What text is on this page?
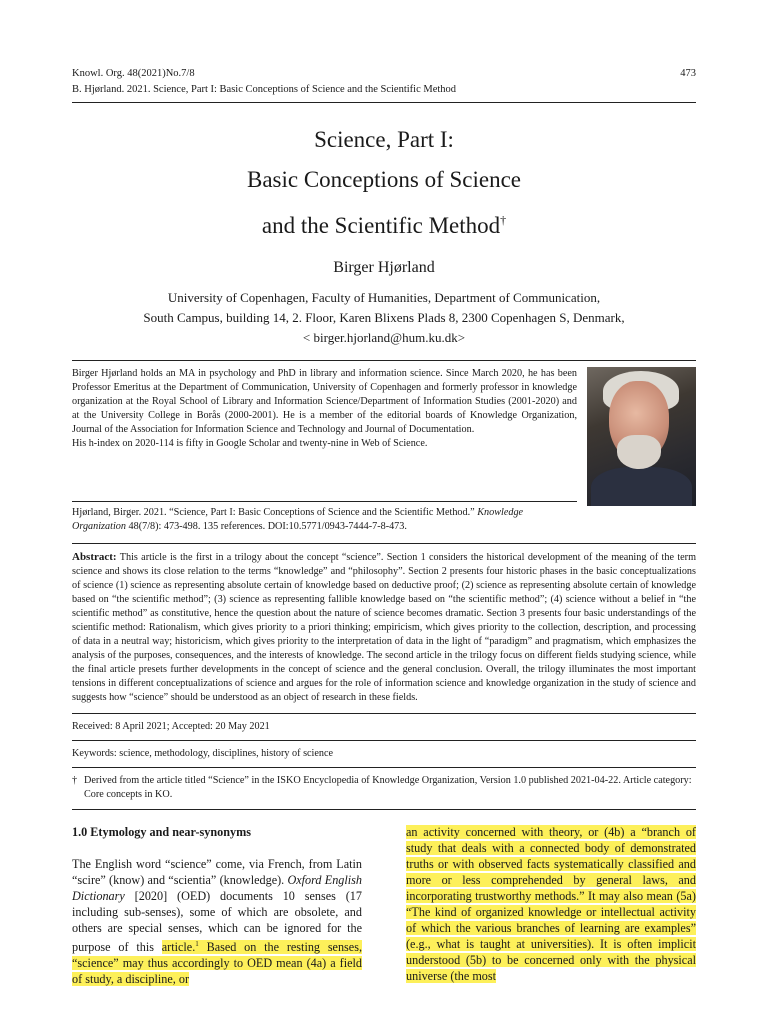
Knowl. Org. 48(2021)No.7/8
B. Hjørland. 2021. Science, Part I: Basic Conceptions of Science and the Scientific Method
473
Science, Part I:
Basic Conceptions of Science
and the Scientific Method†
Birger Hjørland
University of Copenhagen, Faculty of Humanities, Department of Communication,
South Campus, building 14, 2. Floor, Karen Blixens Plads 8, 2300 Copenhagen S, Denmark,
< birger.hjorland@hum.ku.dk>
Birger Hjørland holds an MA in psychology and PhD in library and information science. Since March 2020, he has been Professor Emeritus at the Department of Communication, University of Copenhagen and formerly professor in knowledge organization at the Royal School of Library and Information Science/Department of Information Studies (2001-2020) and at the University College in Borås (2000-2001). He is a member of the editorial boards of Knowledge Organization, Journal of the Association for Information Science and Technology and Journal of Documentation.
His h-index on 2020-114 is fifty in Google Scholar and twenty-nine in Web of Science.
Hjørland, Birger. 2021. “Science, Part I: Basic Conceptions of Science and the Scientific Method.” Knowledge Organization 48(7/8): 473-498. 135 references. DOI:10.5771/0943-7444-7-8-473.
Abstract: This article is the first in a trilogy about the concept “science”. Section 1 considers the historical development of the meaning of the term science and shows its close relation to the terms “knowledge” and “philosophy”. Section 2 presents four historic phases in the basic conceptualizations of science (1) science as representing absolute certain of knowledge based on deductive proof; (2) science as representing absolute certain of knowledge based on “the scientific method”; (3) science as representing fallible knowledge based on “the scientific method”; (4) science without a belief in “the scientific method” as constitutive, hence the question about the nature of science becomes dramatic. Section 3 presents four basic understandings of the scientific method: Rationalism, which gives priority to a priori thinking; empiricism, which gives priority to the collection, description, and processing of data in a neutral way; historicism, which gives priority to the interpretation of data in the light of “paradigm” and pragmatism, which emphasizes the analysis of the purposes, consequences, and the interests of knowledge. The second article in the trilogy focus on different fields studying science, while the final article presets further developments in the concept of science and the general conclusion. Overall, the trilogy illuminates the most important tensions in different conceptualizations of science and argues for the role of information science and knowledge organization in the study of science and suggests how “science” should be understood as an object of research in these fields.
Received: 8 April 2021; Accepted: 20 May 2021
Keywords: science, methodology, disciplines, history of science
† Derived from the article titled “Science” in the ISKO Encyclopedia of Knowledge Organization, Version 1.0 published 2021-04-22. Article category: Core concepts in KO.
1.0 Etymology and near-synonyms
The English word “science” come, via French, from Latin “scire” (know) and “scientia” (knowledge). Oxford English Dictionary [2020] (OED) documents 10 senses (17 including sub-senses), some of which are obsolete, and others are special senses, which can be ignored for the purpose of this article.$^1$ Based on the resting senses, “science” may thus accordingly to OED mean (4a) a field of study, a discipline, or
an activity concerned with theory, or (4b) a “branch of study that deals with a connected body of demonstrated truths or with observed facts systematically classified and more or less comprehended by general laws, and incorporating trustworthy methods.” It may also mean (5a) “The kind of organized knowledge or intellectual activity of which the various branches of learning are examples” (e.g., what is taught at universities). It is often implicit understood (5b) to be concerned only with the physical universe (the most
